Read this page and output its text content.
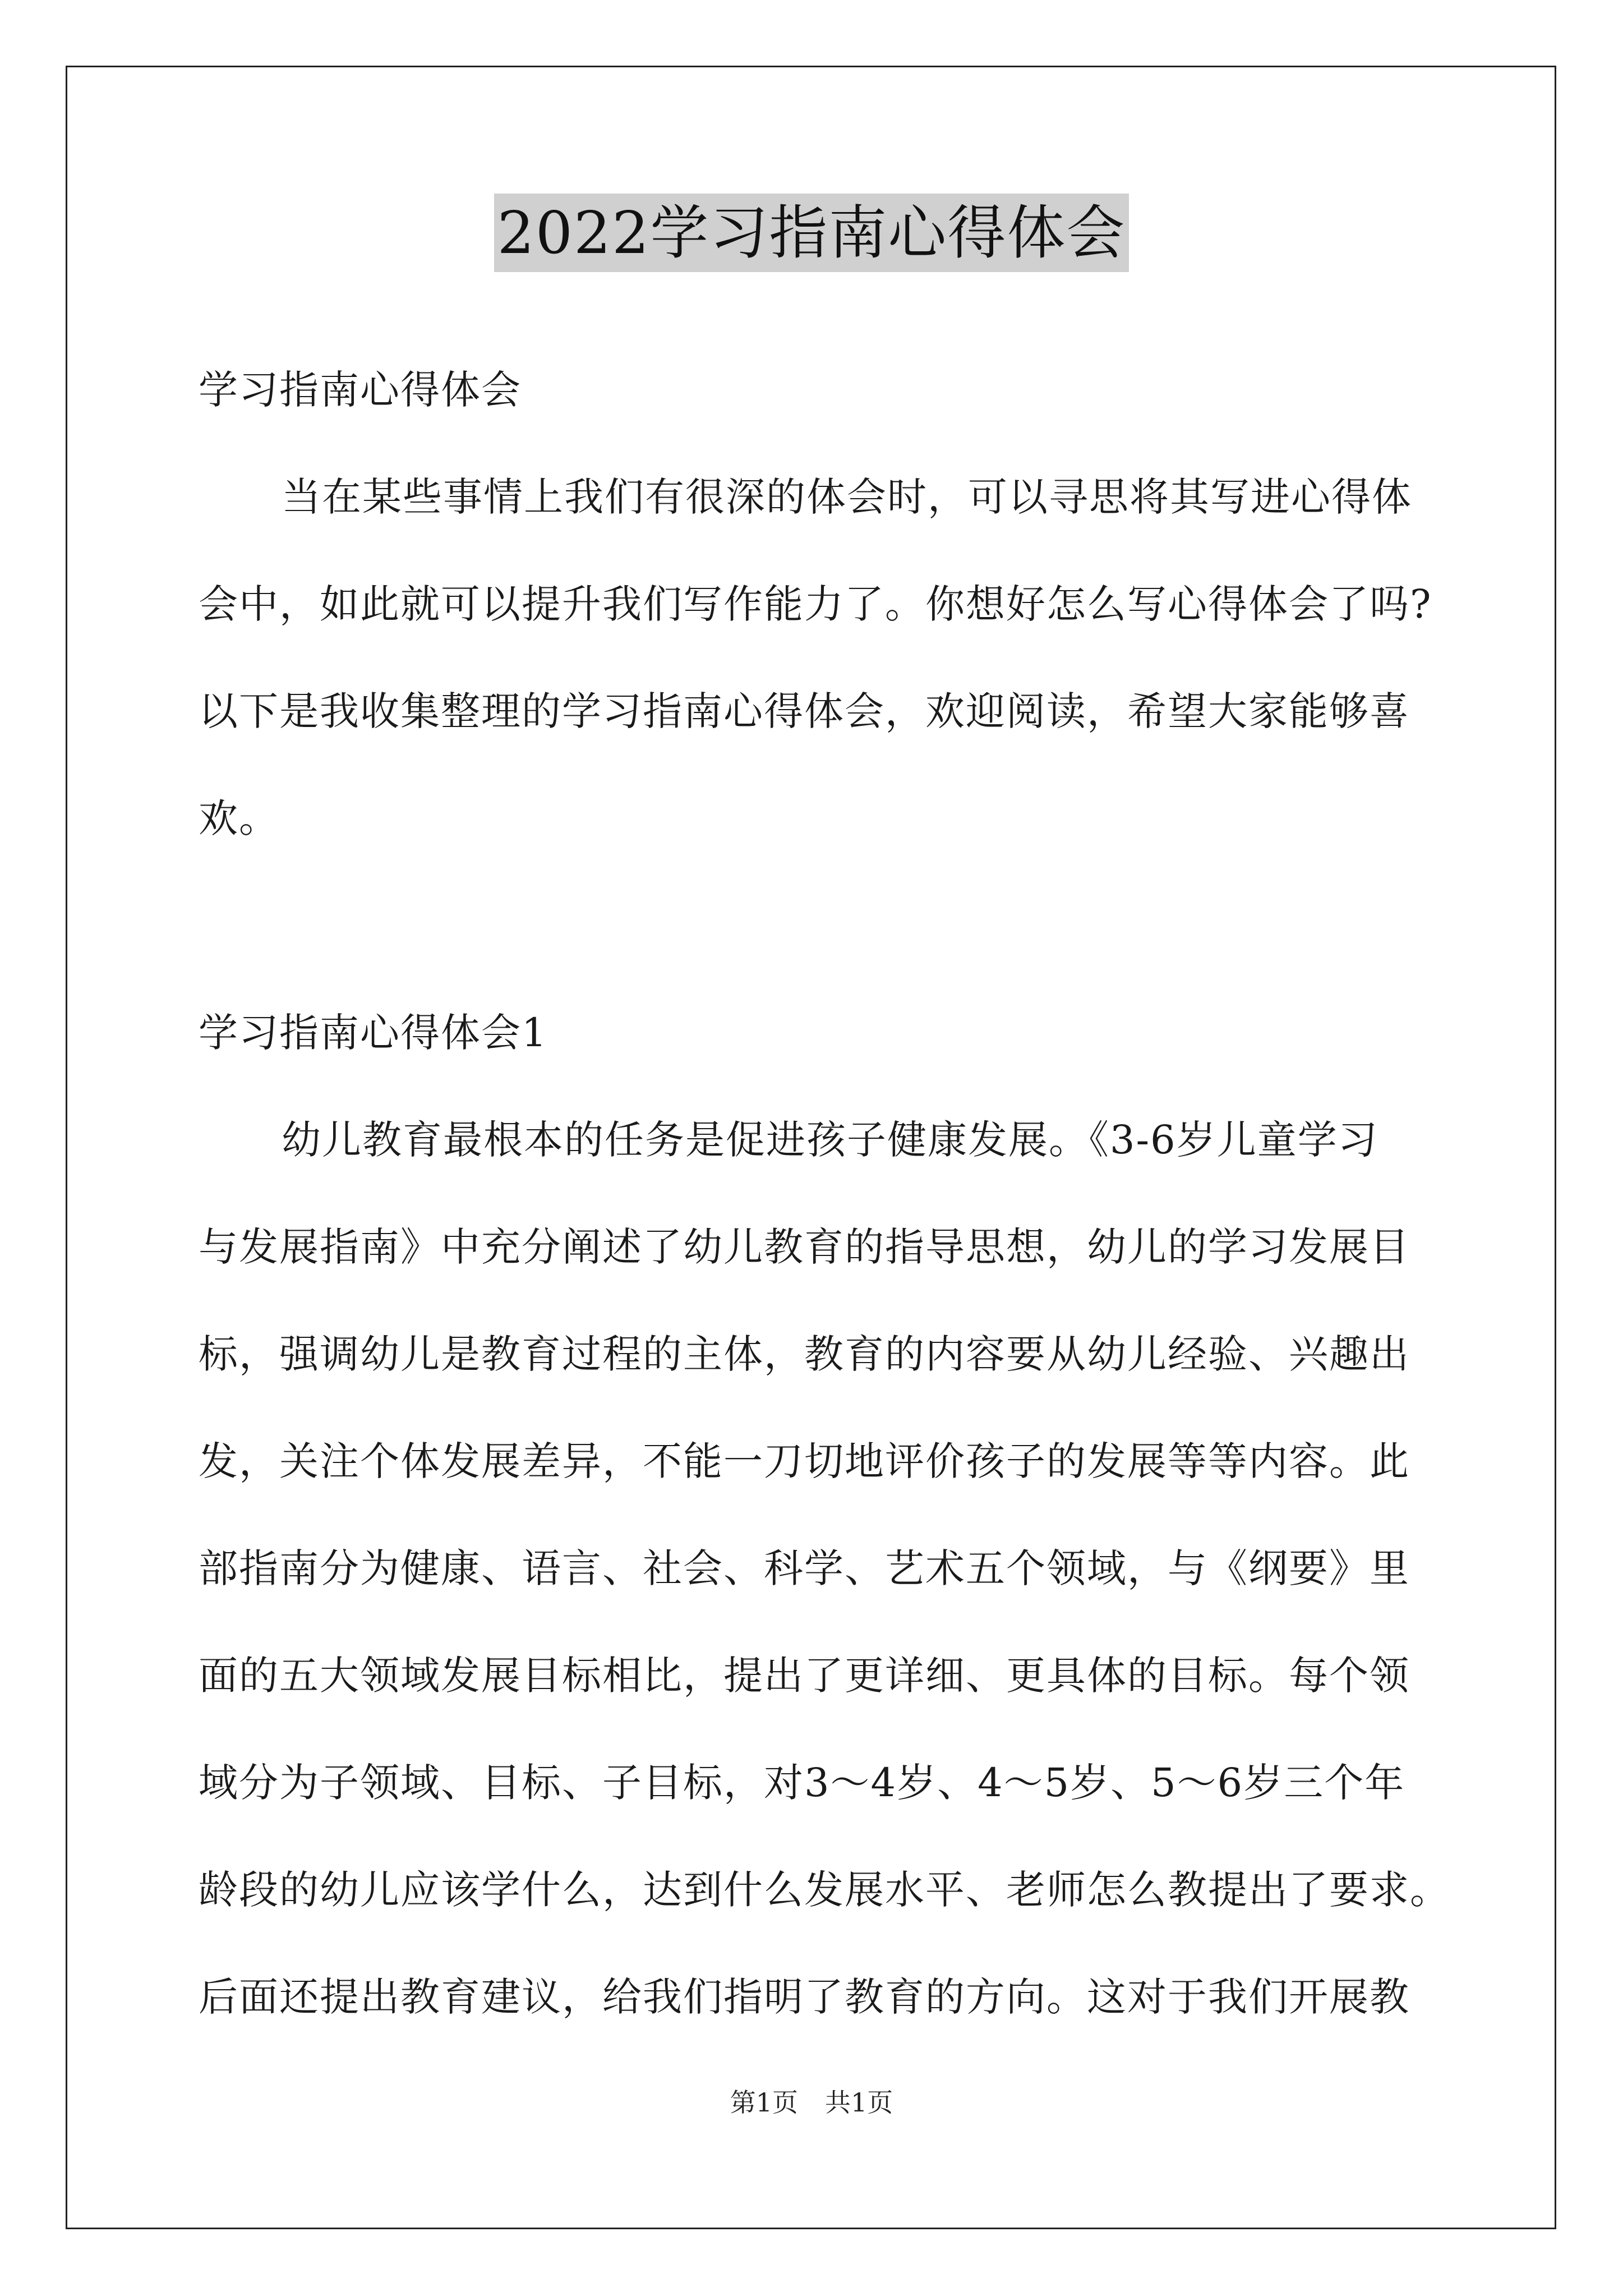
2022学习指南心得体会

学习指南心得体会

当在某些事情上我们有很深的体会时，可以寻思将其写进心得体

会中，如此就可以提升我们写作能力了。你想好怎么写心得体会了吗?

以下是我收集整理的学习指南心得体会，欢迎阅读，希望大家能够喜

欢。

学习指南心得体会1

幼儿教育最根本的任务是促进孩子健康发展。《3-6岁儿童学习

与发展指南》中充分阐述了幼儿教育的指导思想，幼儿的学习发展目

标，强调幼儿是教育过程的主体，教育的内容要从幼儿经验、兴趣出

发，关注个体发展差异，不能一刀切地评价孩子的发展等等内容。此

部指南分为健康、语言、社会、科学、艺术五个领域，与《纲要》里

面的五大领域发展目标相比，提出了更详细、更具体的目标。每个领

域分为子领域、目标、子目标，对3～4岁、4～5岁、5～6岁三个年

龄段的幼儿应该学什么，达到什么发展水平、老师怎么教提出了要求。

后面还提出教育建议，给我们指明了教育的方向。这对于我们开展教

第1页 共1页
